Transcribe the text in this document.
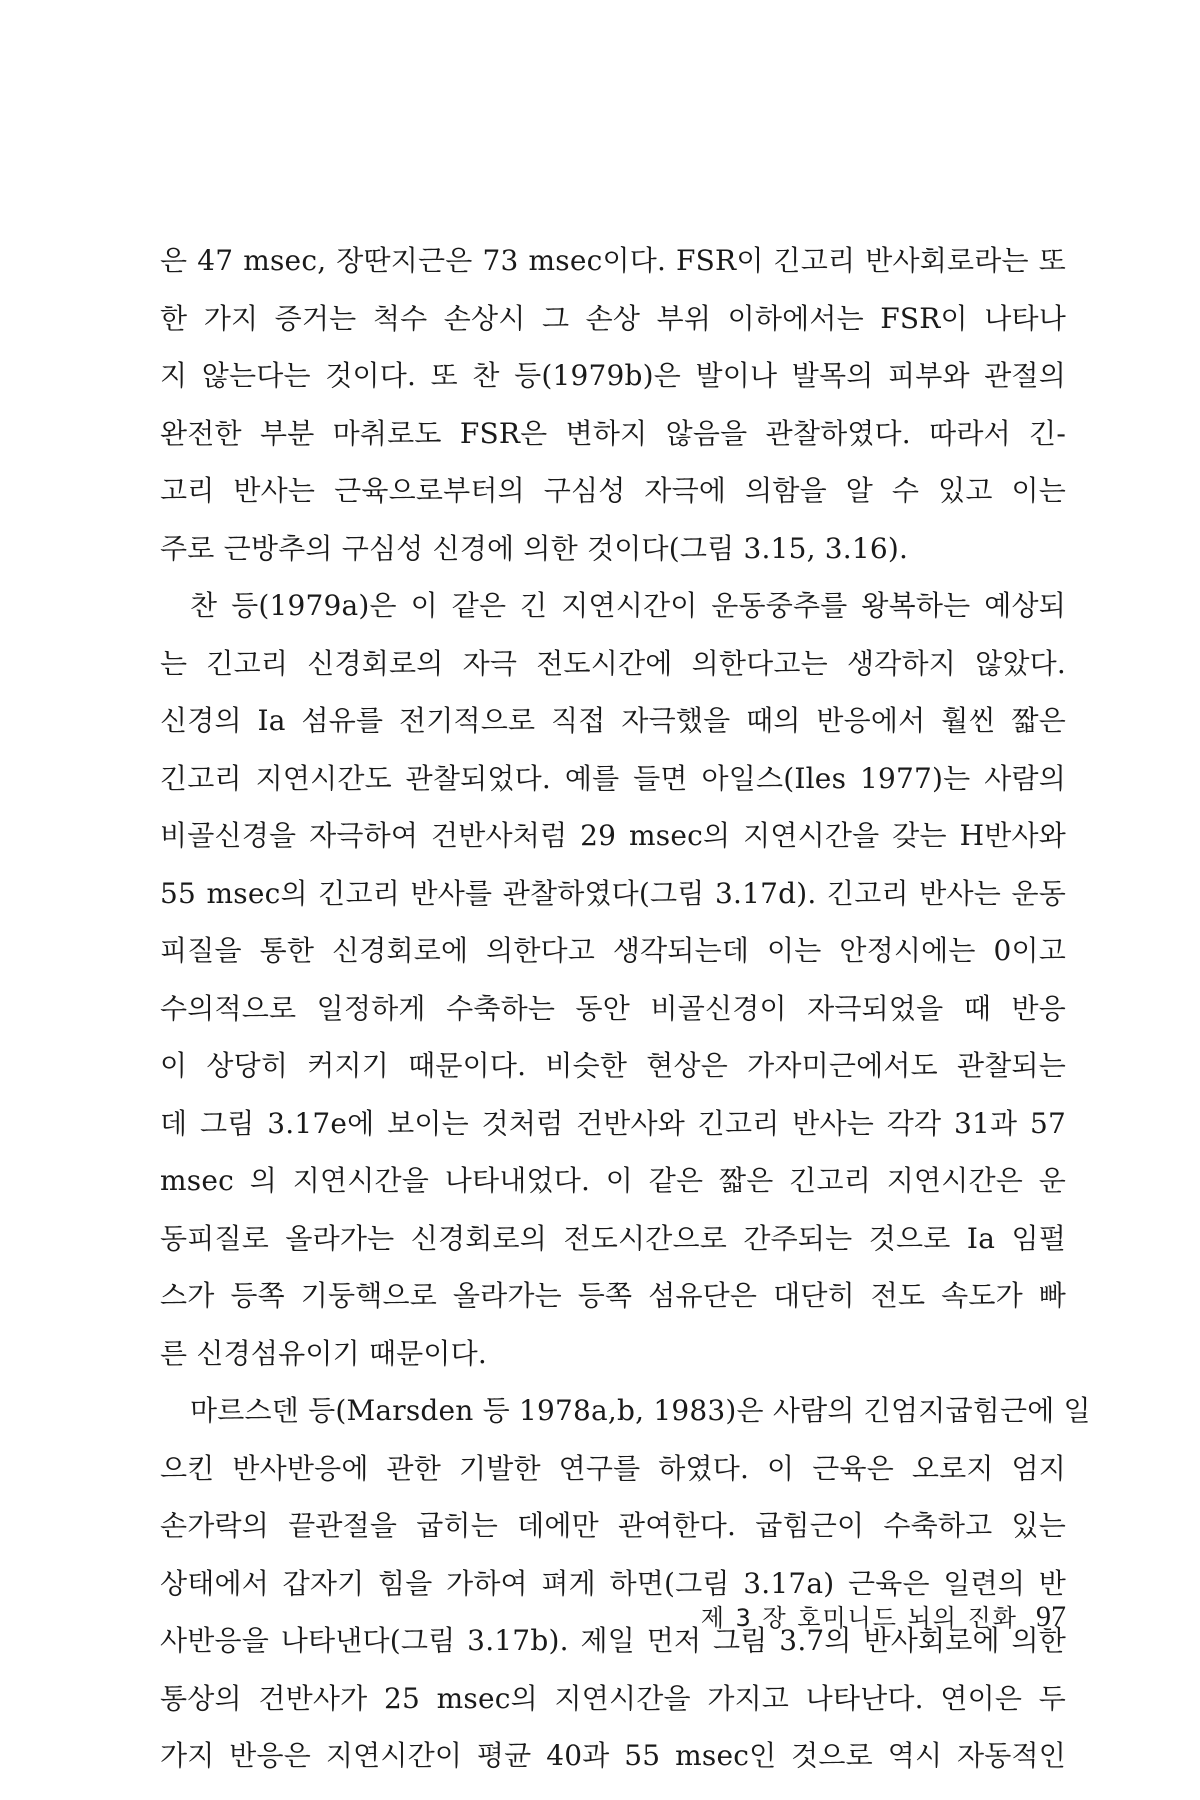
은 47 msec, 장딴지근은 73 msec이다. FSR이 긴고리 반사회로라는 또
한 가지 증거는 척수 손상시 그 손상 부위 이하에서는 FSR이 나타나
지 않는다는 것이다. 또 찬 등(1979b)은 발이나 발목의 피부와 관절의
완전한 부분 마취로도 FSR은 변하지 않음을 관찰하였다. 따라서 긴-
고리 반사는 근육으로부터의 구심성 자극에 의함을 알 수 있고 이는
주로 근방추의 구심성 신경에 의한 것이다(그림 3.15, 3.16).

찬 등(1979a)은 이 같은 긴 지연시간이 운동중추를 왕복하는 예상되
는 긴고리 신경회로의 자극 전도시간에 의한다고는 생각하지 않았다.
신경의 Ia 섬유를 전기적으로 직접 자극했을 때의 반응에서 훨씬 짧은
긴고리 지연시간도 관찰되었다. 예를 들면 아일스(Iles 1977)는 사람의
비골신경을 자극하여 건반사처럼 29 msec의 지연시간을 갖는 H반사와
55 msec의 긴고리 반사를 관찰하였다(그림 3.17d). 긴고리 반사는 운동
피질을 통한 신경회로에 의한다고 생각되는데 이는 안정시에는 0이고
수의적으로 일정하게 수축하는 동안 비골신경이 자극되었을 때 반응
이 상당히 커지기 때문이다. 비슷한 현상은 가자미근에서도 관찰되는
데 그림 3.17e에 보이는 것처럼 건반사와 긴고리 반사는 각각 31과 57
msec 의 지연시간을 나타내었다. 이 같은 짧은 긴고리 지연시간은 운
동피질로 올라가는 신경회로의 전도시간으로 간주되는 것으로 Ia 임펄
스가 등쪽 기둥핵으로 올라가는 등쪽 섬유단은 대단히 전도 속도가 빠
른 신경섬유이기 때문이다.

마르스덴 등(Marsden 등 1978a,b, 1983)은 사람의 긴엄지굽힘근에 일
으킨 반사반응에 관한 기발한 연구를 하였다. 이 근육은 오로지 엄지
손가락의 끝관절을 굽히는 데에만 관여한다. 굽힘근이 수축하고 있는
상태에서 갑자기 힘을 가하여 펴게 하면(그림 3.17a) 근육은 일련의 반
사반응을 나타낸다(그림 3.17b). 제일 먼저 그림 3.7의 반사회로에 의한
통상의 건반사가 25 msec의 지연시간을 가지고 나타난다. 연이은 두
가지 반응은 지연시간이 평균 40과 55 msec인 것으로 역시 자동적인

제 3 장 호미니드 뇌의 진화 97
